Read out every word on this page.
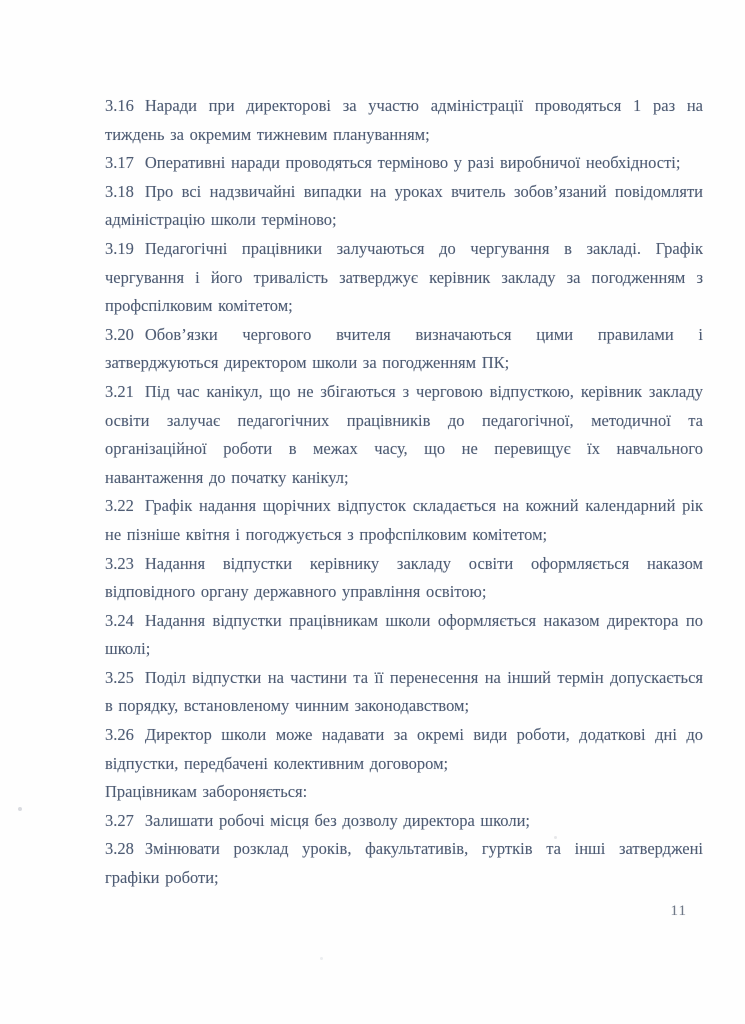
3.16 Наради при директорові за участю адміністрації проводяться 1 раз на тиждень за окремим тижневим плануванням;

3.17 Оперативні наради проводяться терміново у разі виробничої необхідності;

3.18 Про всі надзвичайні випадки на уроках вчитель зобов’язаний повідомляти адміністрацію школи терміново;

3.19 Педагогічні працівники залучаються до чергування в закладі. Графік чергування і його тривалість затверджує керівник закладу за погодженням з профспілковим комітетом;

3.20 Обов’язки чергового вчителя визначаються цими правилами і затверджуються директором школи за погодженням ПК;

3.21 Під час канікул, що не збігаються з черговою відпусткою, керівник закладу освіти залучає педагогічних працівників до педагогічної, методичної та організаційної роботи в межах часу, що не перевищує їх навчального навантаження до початку канікул;

3.22 Графік надання щорічних відпусток складається на кожний календарний рік не пізніше квітня і погоджується з профспілковим комітетом;

3.23 Надання відпустки керівнику закладу освіти оформляється наказом відповідного органу державного управління освітою;

3.24 Надання відпустки працівникам школи оформляється наказом директора по школі;

3.25 Поділ відпустки на частини та її перенесення на інший термін допускається в порядку, встановленому чинним законодавством;

3.26 Директор школи може надавати за окремі види роботи, додаткові дні до відпустки, передбачені колективним договором;

Працівникам забороняється:

3.27 Залишати робочі місця без дозволу директора школи;

3.28 Змінювати розклад уроків, факультативів, гуртків та інші затверджені графіки роботи;

11
